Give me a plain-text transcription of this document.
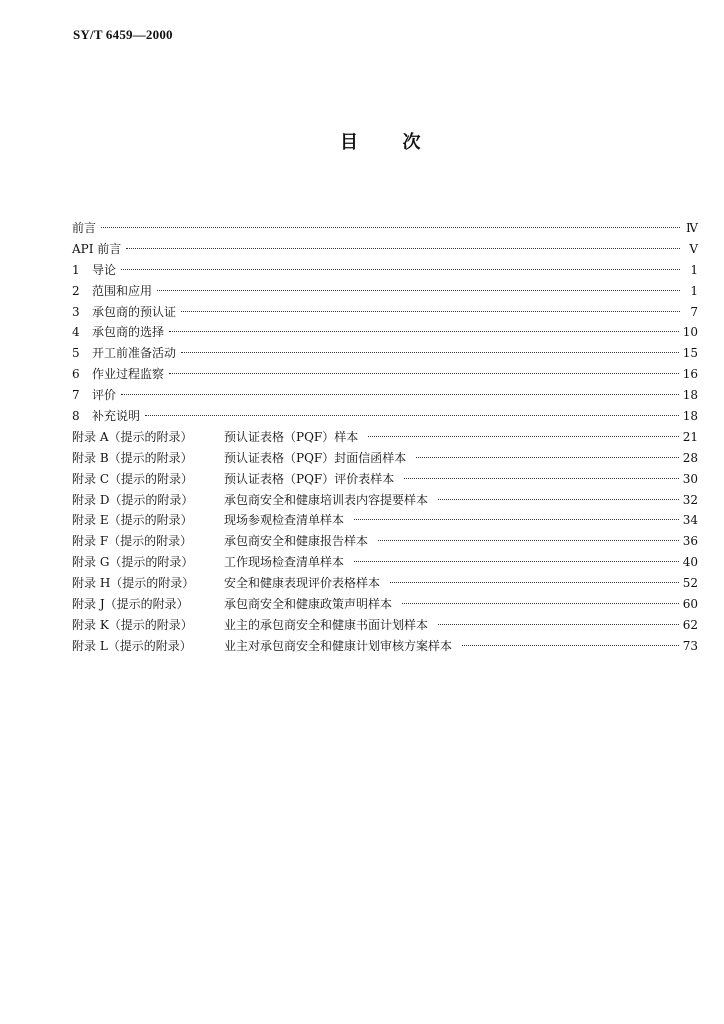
SY/T 6459—2000
目 次
前言	Ⅳ
API 前言	Ⅴ
1	导论	1
2	范围和应用	1
3	承包商的预认证	7
4	承包商的选择	10
5	开工前准备活动	15
6	作业过程监察	16
7	评价	18
8	补充说明	18
附录 A（提示的附录）	预认证表格（PQF）样本	21
附录 B（提示的附录）	预认证表格（PQF）封面信函样本	28
附录 C（提示的附录）	预认证表格（PQF）评价表样本	30
附录 D（提示的附录）	承包商安全和健康培训表内容提要样本	32
附录 E（提示的附录）	现场参观检查清单样本	34
附录 F（提示的附录）	承包商安全和健康报告样本	36
附录 G（提示的附录）	工作现场检查清单样本	40
附录 H（提示的附录）	安全和健康表现评价表格样本	52
附录 J（提示的附录）	承包商安全和健康政策声明样本	60
附录 K（提示的附录）	业主的承包商安全和健康书面计划样本	62
附录 L（提示的附录）	业主对承包商安全和健康计划审核方案样本	73
